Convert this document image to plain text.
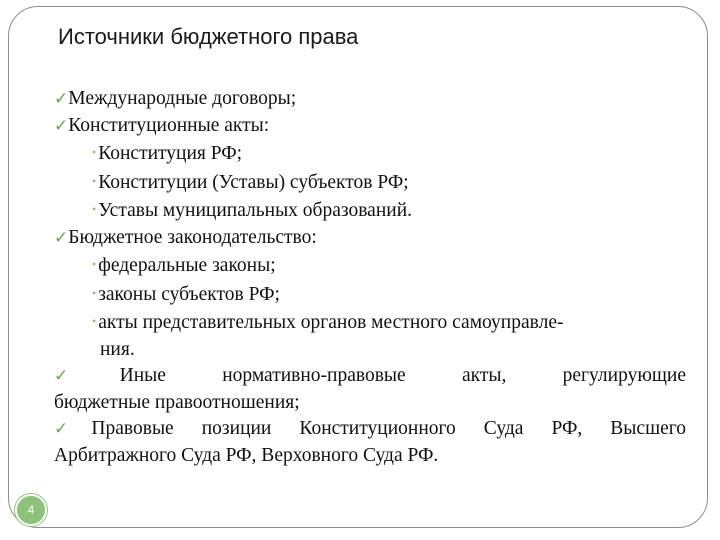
Источники бюджетного права
✓Международные договоры;
✓Конституционные акты:
• Конституция РФ;
• Конституции (Уставы) субъектов РФ;
• Уставы муниципальных образований.
✓Бюджетное законодательство:
• федеральные законы;
• законы субъектов РФ;
• акты представительных органов местного самоуправле-
ния.
✓Иные нормативно-правовые акты, регулирующие
бюджетные правоотношения;
✓Правовые позиции Конституционного Суда РФ, Высшего
Арбитражного Суда РФ, Верховного Суда РФ.
4
